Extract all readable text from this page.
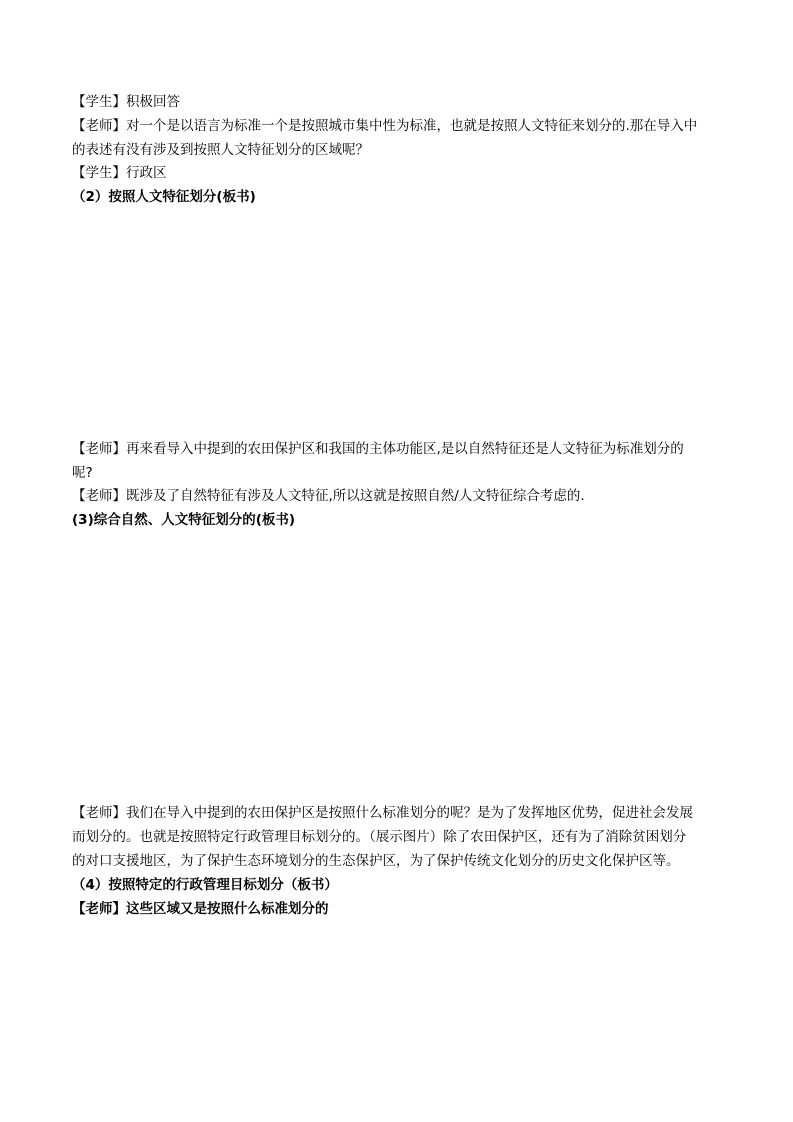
【学生】积极回答
【老师】对一个是以语言为标准一个是按照城市集中性为标准，也就是按照人文特征来划分的.那在导入中
的表述有没有涉及到按照人文特征划分的区域呢？
【学生】行政区
（2）按照人文特征划分(板书)
【老师】再来看导入中提到的农田保护区和我国的主体功能区,是以自然特征还是人文特征为标准划分的
呢?
【老师】既涉及了自然特征有涉及人文特征,所以这就是按照自然/人文特征综合考虑的.
(3)综合自然、人文特征划分的(板书)
【老师】我们在导入中提到的农田保护区是按照什么标准划分的呢？是为了发挥地区优势，促进社会发展
而划分的。也就是按照特定行政管理目标划分的。（展示图片）除了农田保护区，还有为了消除贫困划分
的对口支援地区，为了保护生态环境划分的生态保护区，为了保护传统文化划分的历史文化保护区等。
（4）按照特定的行政管理目标划分（板书）
【老师】这些区域又是按照什么标准划分的
